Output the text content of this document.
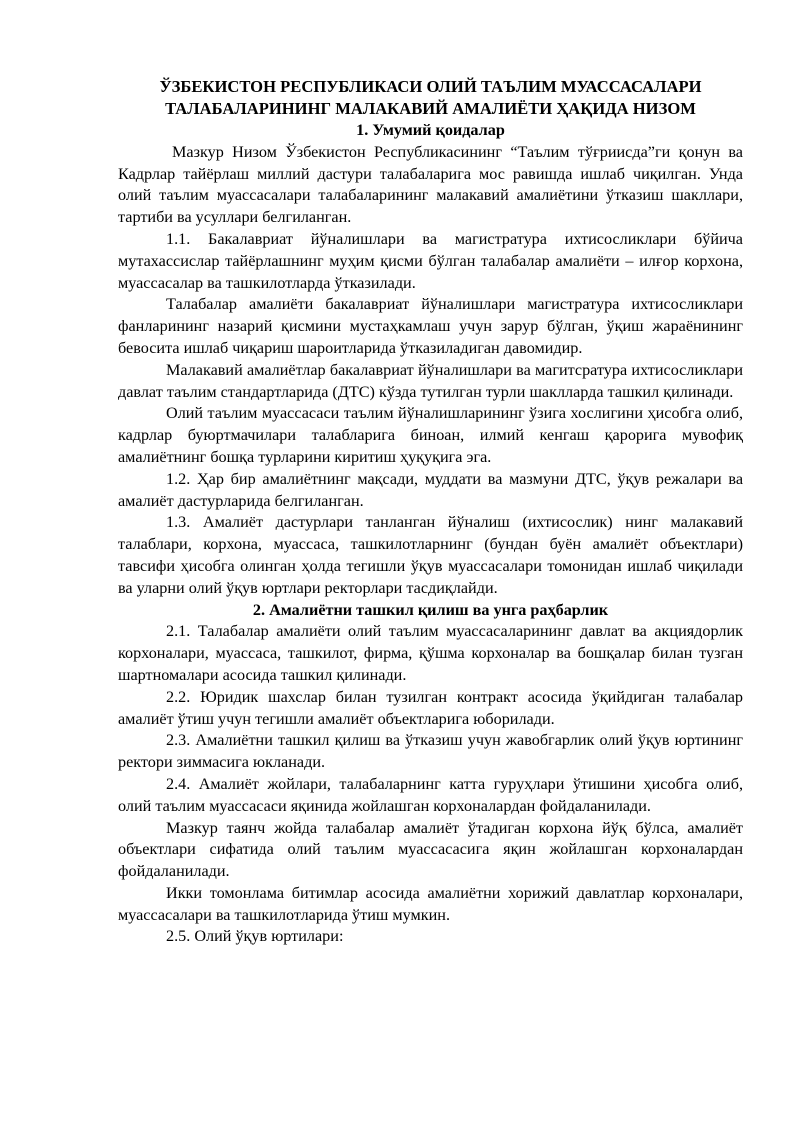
ЎЗБЕКИСТОН РЕСПУБЛИКАСИ ОЛИЙ ТАЪЛИМ МУАССАСАЛАРИ
ТАЛАБАЛАРИНИНГ МАЛАКАВИЙ АМАЛИЁТИ ҲАҚИДА НИЗОМ

1. Умумий қоидалар

Мазкур Низом Ўзбекистон Республикасининг “Таълим тўғриисда”ги қонун ва Кадрлар тайёрлаш миллий дастури талабаларига мос равишда ишлаб чиқилган. Унда олий таълим муассасалари талабаларининг малакавий амалиётини ўтказиш шакллари, тартиби ва усуллари белгиланган.

1.1. Бакалавриат йўналишлари ва магистратура ихтисосликлари бўйича мутахассислар тайёрлашнинг муҳим қисми бўлган талабалар амалиёти – илғор корхона, муассасалар ва ташкилотларда ўтказилади.

Талабалар амалиёти бакалавриат йўналишлари магистратура ихтисосликлари фанларининг назарий қисмини мустаҳкамлаш учун зарур бўлган, ўқиш жараёнининг бевосита ишлаб чиқариш шароитларида ўтказиладиган давомидир.

Малакавий амалиётлар бакалавриат йўналишлари ва магитсратура ихтисосликлари давлат таълим стандартларида (ДТС) кўзда тутилган турли шаклларда ташкил қилинади.

Олий таълим муассасаси таълим йўналишларининг ўзига хослигини ҳисобга олиб, кадрлар буюртмачилари талабларига биноан, илмий кенгаш қарорига мувофиқ амалиётнинг бошқа турларини киритиш ҳуқуқига эга.

1.2. Ҳар бир амалиётнинг мақсади, муддати ва мазмуни ДТС, ўқув режалари ва амалиёт дастурларида белгиланган.

1.3. Амалиёт дастурлари танланган йўналиш (ихтисослик) нинг малакавий талаблари, корхона, муассаса, ташкилотларнинг (бундан буён амалиёт объектлари) тавсифи ҳисобга олинган ҳолда тегишли ўқув муассасалари томонидан ишлаб чиқилади ва уларни олий ўқув юртлари ректорлари тасдиқлайди.

2. Амалиётни ташкил қилиш ва унга раҳбарлик

2.1. Талабалар амалиёти олий таълим муассасаларининг давлат ва акциядорлик корхоналари, муассаса, ташкилот, фирма, қўшма корхоналар ва бошқалар билан тузган шартномалари асосида ташкил қилинади.

2.2. Юридик шахслар билан тузилган контракт асосида ўқийдиган талабалар амалиёт ўтиш учун тегишли амалиёт объектларига юборилади.

2.3. Амалиётни ташкил қилиш ва ўтказиш учун жавобгарлик олий ўқув юртининг ректори зиммасига юкланади.

2.4. Амалиёт жойлари, талабаларнинг катта гуруҳлари ўтишини ҳисобга олиб, олий таълим муассасаси яқинида жойлашган корхоналардан фойдаланилади.

Мазкур таянч жойда талабалар амалиёт ўтадиган корхона йўқ бўлса, амалиёт объектлари сифатида олий таълим муассасасига яқин жойлашган корхоналардан фойдаланилади.

Икки томонлама битимлар асосида амалиётни хорижий давлатлар корхоналари, муассасалари ва ташкилотларида ўтиш мумкин.

2.5. Олий ўқув юртилари:
